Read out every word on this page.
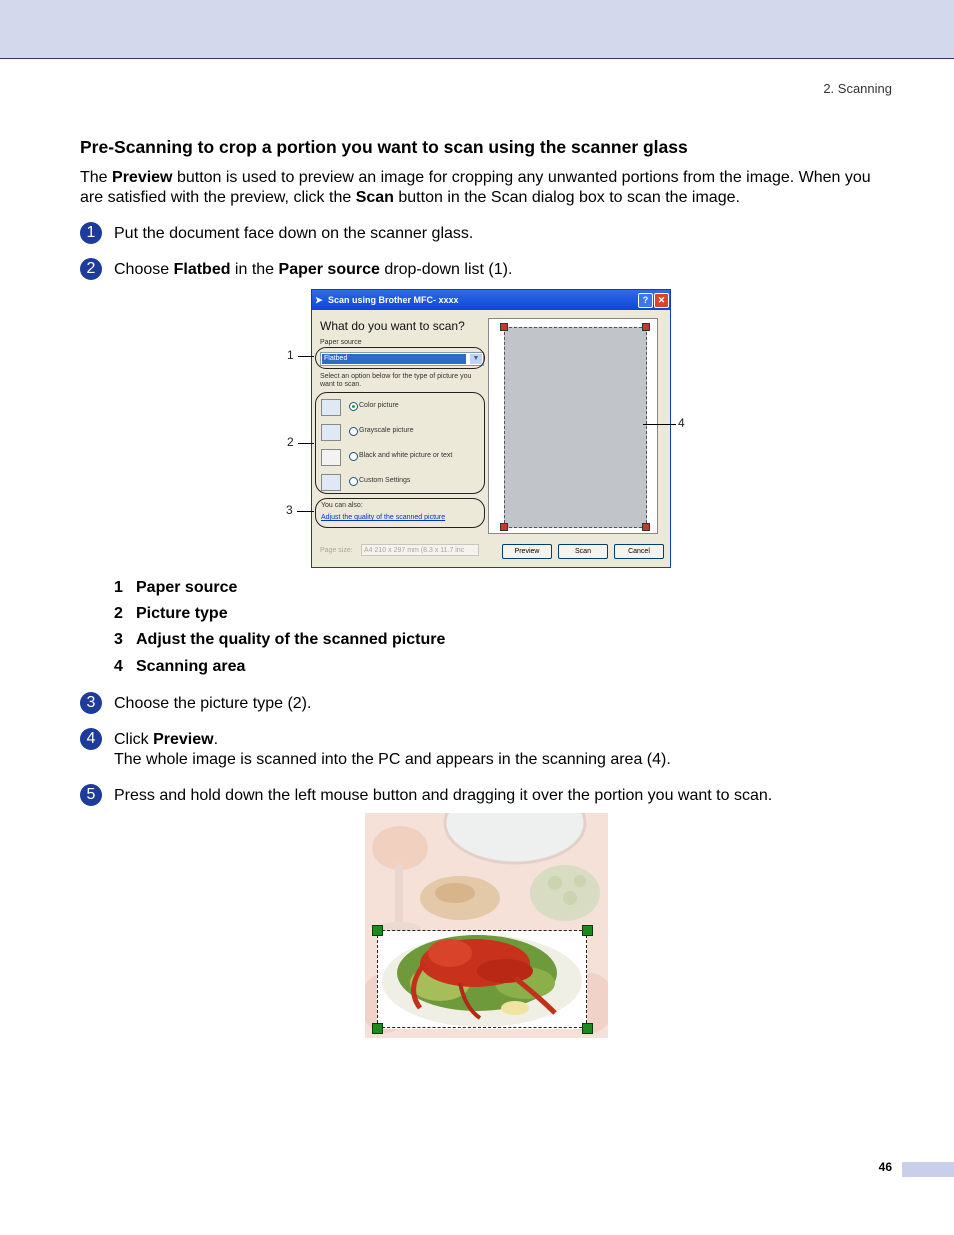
2. Scanning
Pre-Scanning to crop a portion you want to scan using the scanner glass

The Preview button is used to preview an image for cropping any unwanted portions from the image. When you are satisfied with the preview, click the Scan button in the Scan dialog box to scan the image.

1	Put the document face down on the scanner glass.
2	Choose Flatbed in the Paper source drop-down list (1).
➤ Scan using Brother MFC- xxxx	?	✕
What do you want to scan?
Paper source
Flatbed	▼
Select an option below for the type of picture you
want to scan.
Color picture
Grayscale picture
Black and white picture or text
Custom Settings
You can also:
Adjust the quality of the scanned picture
Page size:	A4 210 x 297 mm (8.3 x 11.7 inc	Preview	Scan	Cancel
1
2
3
4
1 Paper source
2 Picture type
3 Adjust the quality of the scanned picture
4 Scanning area
3	Choose the picture type (2).
4	Click Preview.
The whole image is scanned into the PC and appears in the scanning area (4).
5	Press and hold down the left mouse button and dragging it over the portion you want to scan.
46
